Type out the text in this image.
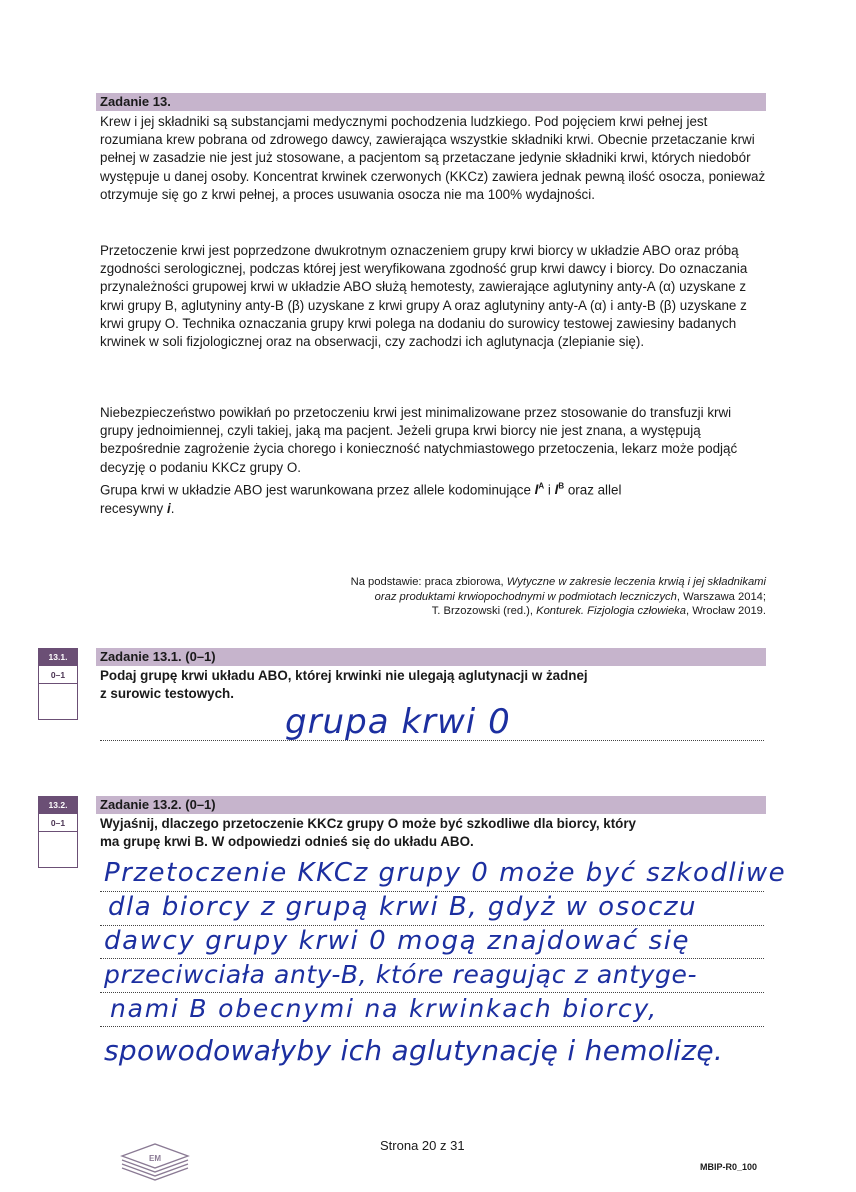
Zadanie 13.

Krew i jej składniki są substancjami medycznymi pochodzenia ludzkiego. Pod pojęciem krwi pełnej jest rozumiana krew pobrana od zdrowego dawcy, zawierająca wszystkie składniki krwi. Obecnie przetaczanie krwi pełnej w zasadzie nie jest już stosowane, a pacjentom są przetaczane jedynie składniki krwi, których niedobór występuje u danej osoby. Koncentrat krwinek czerwonych (KKCz) zawiera jednak pewną ilość osocza, ponieważ otrzymuje się go z krwi pełnej, a proces usuwania osocza nie ma 100% wydajności.

Przetoczenie krwi jest poprzedzone dwukrotnym oznaczeniem grupy krwi biorcy w układzie ABO oraz próbą zgodności serologicznej, podczas której jest weryfikowana zgodność grup krwi dawcy i biorcy. Do oznaczania przynależności grupowej krwi w układzie ABO służą hemotesty, zawierające aglutyniny anty-A (α) uzyskane z krwi grupy B, aglutyniny anty-B (β) uzyskane z krwi grupy A oraz aglutyniny anty-A (α) i anty-B (β) uzyskane z krwi grupy O. Technika oznaczania grupy krwi polega na dodaniu do surowicy testowej zawiesiny badanych krwinek w soli fizjologicznej oraz na obserwacji, czy zachodzi ich aglutynacja (zlepianie się).

Niebezpieczeństwo powikłań po przetoczeniu krwi jest minimalizowane przez stosowanie do transfuzji krwi grupy jednoimiennej, czyli takiej, jaką ma pacjent. Jeżeli grupa krwi biorcy nie jest znana, a występują bezpośrednie zagrożenie życia chorego i konieczność natychmiastowego przetoczenia, lekarz może podjąć decyzję o podaniu KKCz grupy O.

Grupa krwi w układzie ABO jest warunkowana przez allele kodominujące $I^A$ i $I^B$ oraz allel
recesywny i.

Na podstawie: praca zbiorowa, Wytyczne w zakresie leczenia krwią i jej składnikami
oraz produktami krwiopochodnymi w podmiotach leczniczych, Warszawa 2014;
T. Brzozowski (red.), Konturek. Fizjologia człowieka, Wrocław 2019.
13.1.
0–1
Zadanie 13.1. (0–1)
Podaj grupę krwi układu ABO, której krwinki nie ulegają aglutynacji w żadnej
z surowic testowych.
grupa krwi 0
13.2.
0–1
Zadanie 13.2. (0–1)
Wyjaśnij, dlaczego przetoczenie KKCz grupy O może być szkodliwe dla biorcy, który
ma grupę krwi B. W odpowiedzi odnieś się do układu ABO.
Przetoczenie KKCz grupy 0 może być szkodliwe
dla biorcy z grupą krwi B, gdyż w osoczu
dawcy grupy krwi 0 mogą znajdować się
przeciwciała anty-B, które reagując z antyge-
nami B obecnymi na krwinkach biorcy,
spowodowałyby ich aglutynację i hemolizę.
EM
Strona 20 z 31
MBIP-R0_100
